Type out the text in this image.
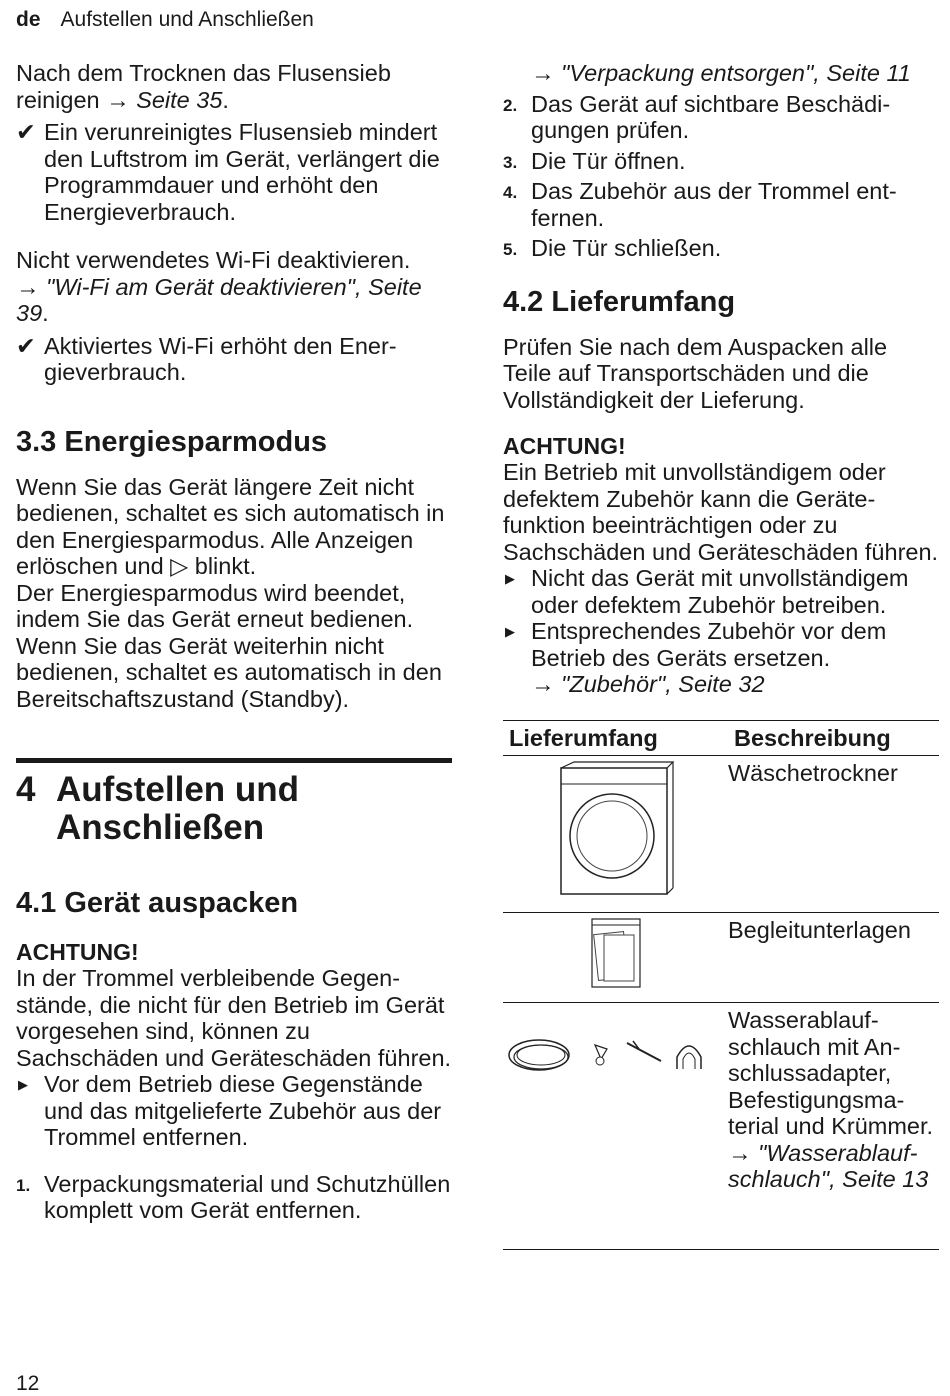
de Aufstellen und Anschließen

Nach dem Trocknen das Flusensieb reinigen → Seite 35.

✔ Ein verunreinigtes Flusensieb mindert den Luftstrom im Gerät, verlängert die Programmdauer und erhöht den Energieverbrauch.

Nicht verwendetes Wi-Fi deaktivieren.
→ "Wi-Fi am Gerät deaktivieren", Seite 39.

✔ Aktiviertes Wi-Fi erhöht den Energieverbrauch.
3.3 Energiesparmodus

Wenn Sie das Gerät längere Zeit nicht bedienen, schaltet es sich automatisch in den Energiesparmodus. Alle Anzeigen erlöschen und ▷ blinkt.

Der Energiesparmodus wird beendet, indem Sie das Gerät erneut bedienen.

Wenn Sie das Gerät weiterhin nicht bedienen, schaltet es automatisch in den Bereitschaftszustand (Standby).

4 Aufstellen und Anschließen
4.1 Gerät auspacken
ACHTUNG!

In der Trommel verbleibende Gegenstände, die nicht für den Betrieb im Gerät vorgesehen sind, können zu Sachschäden und Geräteschäden führen.

▶ Vor dem Betrieb diese Gegenstände und das mitgelieferte Zubehör aus der Trommel entfernen.
1. Verpackungsmaterial und Schutzhüllen komplett vom Gerät entfernen.

→ "Verpackung entsorgen", Seite 11

2. Das Gerät auf sichtbare Beschädigungen prüfen.
3. Die Tür öffnen.
4. Das Zubehör aus der Trommel entfernen.
5. Die Tür schließen.
4.2 Lieferumfang

Prüfen Sie nach dem Auspacken alle Teile auf Transportschäden und die Vollständigkeit der Lieferung.

ACHTUNG!

Ein Betrieb mit unvollständigem oder defektem Zubehör kann die Gerätefunktion beeinträchtigen oder zu Sachschäden und Geräteschäden führen.

▶ Nicht das Gerät mit unvollständigem oder defektem Zubehör betreiben.
▶ Entsprechendes Zubehör vor dem Betrieb des Geräts ersetzen.
→ "Zubehör", Seite 32
Lieferumfang	Beschreibung
	Wäschetrockner
	Begleitunterlagen
	Wasserablaufschlauch mit Anschlussadapter, Befestigungsmaterial und Krümmer.
→ "Wasserablaufschlauch", Seite 13
12
